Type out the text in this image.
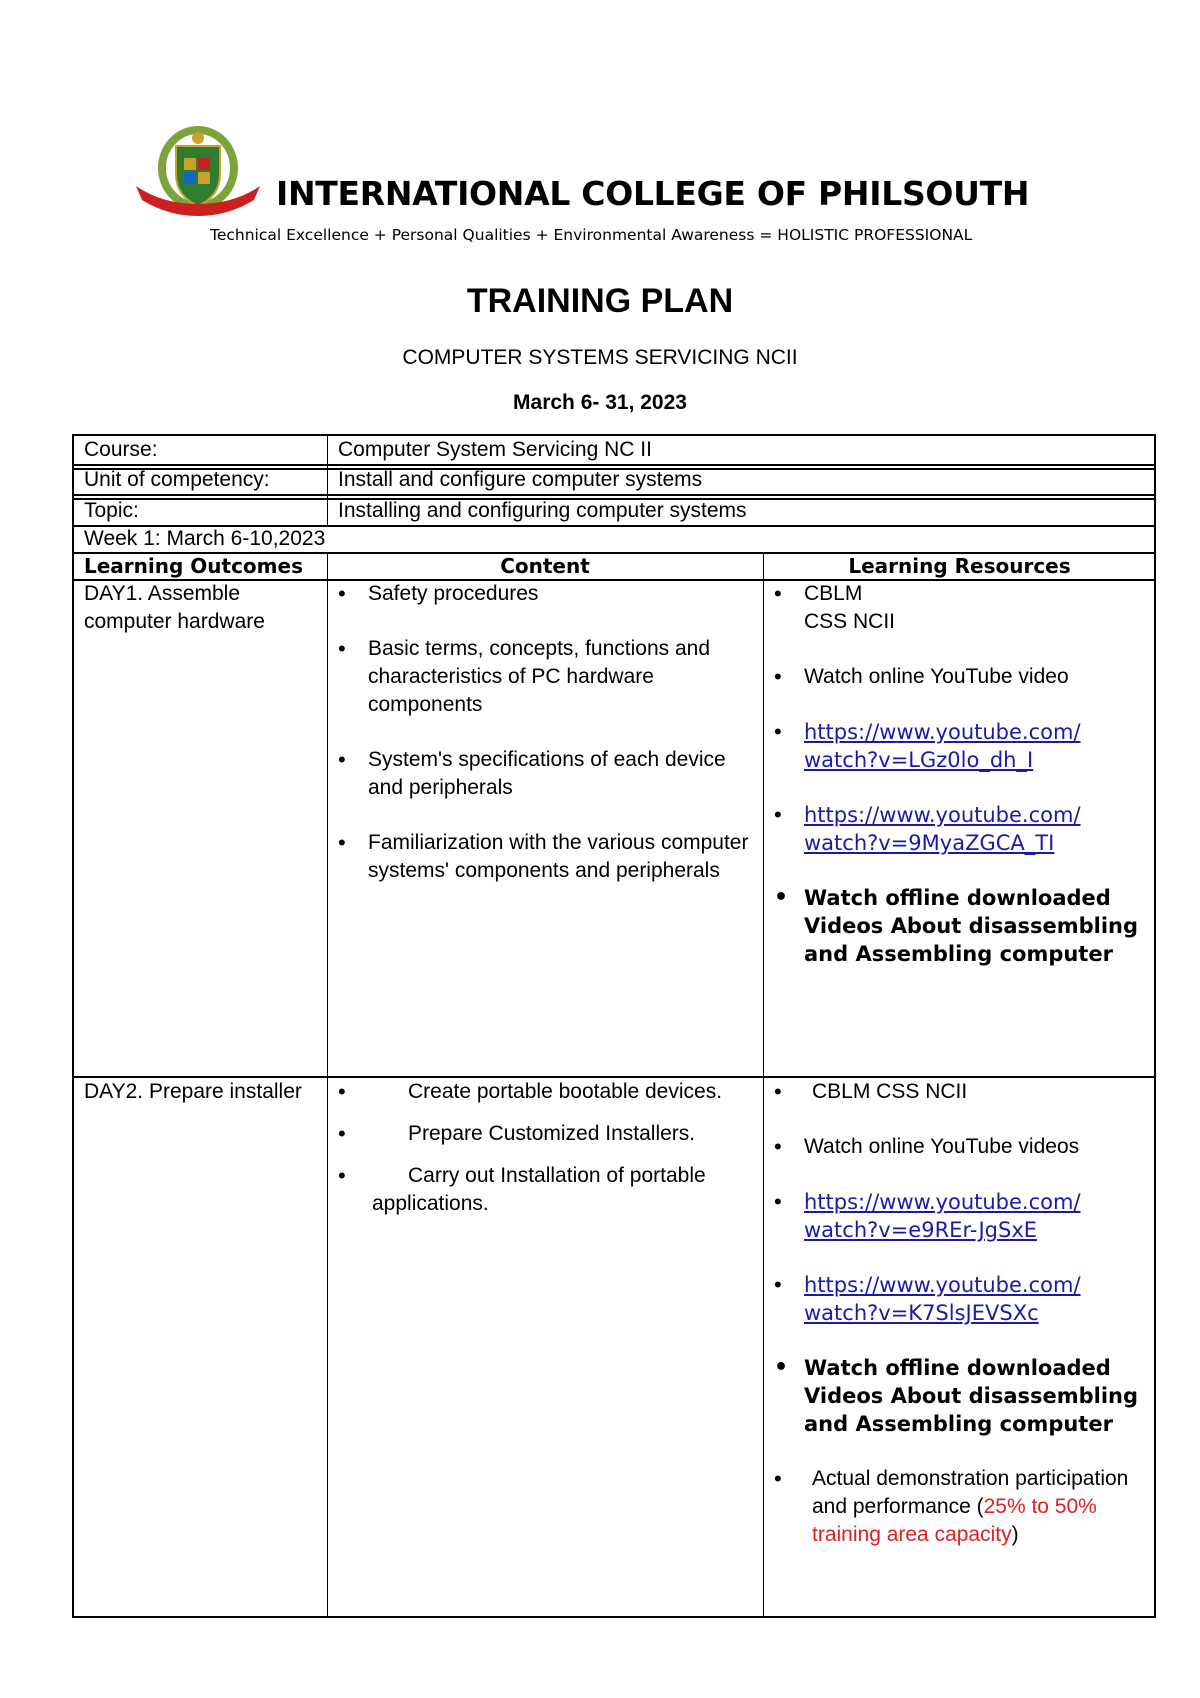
INTERNATIONAL COLLEGE OF PHILSOUTH
Technical Excellence + Personal Qualities + Environmental Awareness = HOLISTIC PROFESSIONAL
TRAINING PLAN
COMPUTER SYSTEMS SERVICING NCII
March 6- 31, 2023
Course:	Computer System Servicing NC II
Unit of competency:	Install and configure computer systems
Topic:	Installing and configuring computer systems
Week 1: March 6-10,2023
Learning Outcomes	Content	Learning Resources
DAY1. Assemble computer hardware
• Safety procedures
• Basic terms, concepts, functions and characteristics of PC hardware components
• System's specifications of each device and peripherals
• Familiarization with the various computer systems' components and peripherals
• CBLM
CSS NCII
• Watch online YouTube video
• https://www.youtube.com/
watch?v=LGz0lo_dh_I
• https://www.youtube.com/
watch?v=9MyaZGCA_TI
• Watch offline downloaded Videos About disassembling and Assembling computer
DAY2. Prepare installer
•	Create portable bootable devices.
• Prepare Customized Installers.
• Carry out Installation of portable applications.
• CBLM CSS NCII
• Watch online YouTube videos
• https://www.youtube.com/
watch?v=e9REr-JgSxE
• https://www.youtube.com/
watch?v=K7SlsJEVSXc
• Watch offline downloaded Videos About disassembling and Assembling computer
• Actual demonstration participation and performance (25% to 50% training area capacity)
